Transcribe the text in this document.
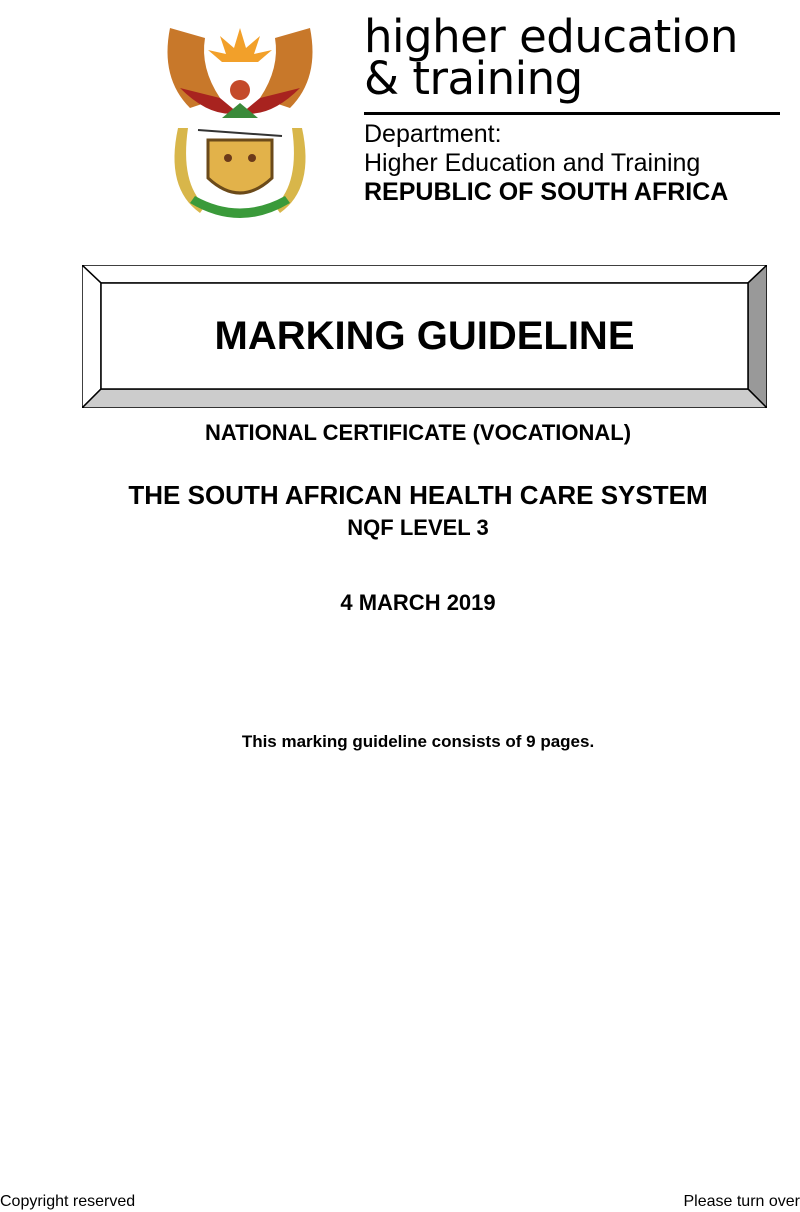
higher education
& training
Department:
Higher Education and Training
REPUBLIC OF SOUTH AFRICA
MARKING GUIDELINE
NATIONAL CERTIFICATE (VOCATIONAL)
THE SOUTH AFRICAN HEALTH CARE SYSTEM
NQF LEVEL 3
4 MARCH 2019
This marking guideline consists of 9 pages.
Copyright reserved	Please turn over
